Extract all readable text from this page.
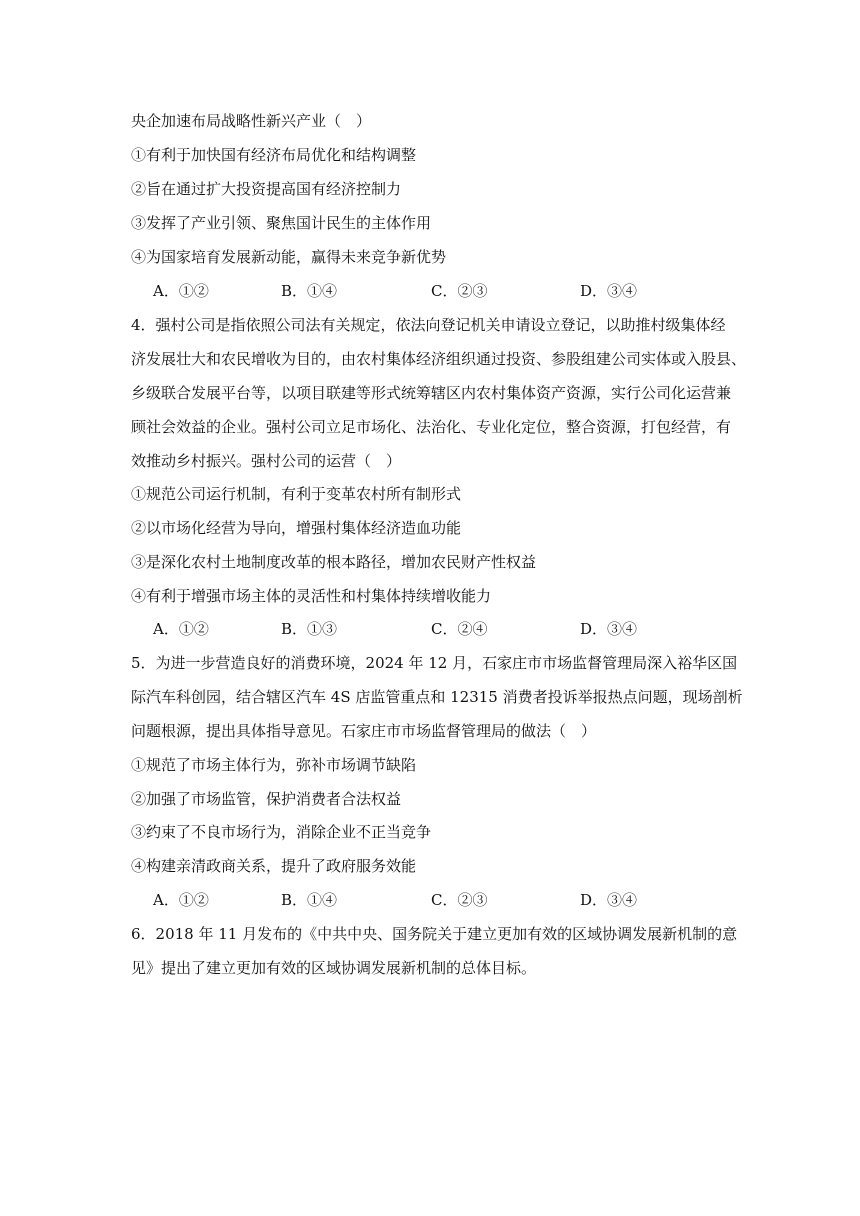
央企加速布局战略性新兴产业（　）
①有利于加快国有经济布局优化和结构调整
②旨在通过扩大投资提高国有经济控制力
③发挥了产业引领、聚焦国计民生的主体作用
④为国家培育发展新动能，赢得未来竞争新优势
A．①②	B．①④	C．②③	D．③④
4．强村公司是指依照公司法有关规定，依法向登记机关申请设立登记，以助推村级集体经
济发展壮大和农民增收为目的，由农村集体经济组织通过投资、参股组建公司实体或入股县、
乡级联合发展平台等，以项目联建等形式统筹辖区内农村集体资产资源，实行公司化运营兼
顾社会效益的企业。强村公司立足市场化、法治化、专业化定位，整合资源，打包经营，有
效推动乡村振兴。强村公司的运营（　）
①规范公司运行机制，有利于变革农村所有制形式
②以市场化经营为导向，增强村集体经济造血功能
③是深化农村土地制度改革的根本路径，增加农民财产性权益
④有利于增强市场主体的灵活性和村集体持续增收能力
A．①②	B．①③	C．②④	D．③④
5．为进一步营造良好的消费环境，2024 年 12 月，石家庄市市场监督管理局深入裕华区国
际汽车科创园，结合辖区汽车 4S 店监管重点和 12315 消费者投诉举报热点问题，现场剖析
问题根源，提出具体指导意见。石家庄市市场监督管理局的做法（　）
①规范了市场主体行为，弥补市场调节缺陷
②加强了市场监管，保护消费者合法权益
③约束了不良市场行为，消除企业不正当竞争
④构建亲清政商关系，提升了政府服务效能
A．①②	B．①④	C．②③	D．③④
6．2018 年 11 月发布的《中共中央、国务院关于建立更加有效的区域协调发展新机制的意
见》提出了建立更加有效的区域协调发展新机制的总体目标。
